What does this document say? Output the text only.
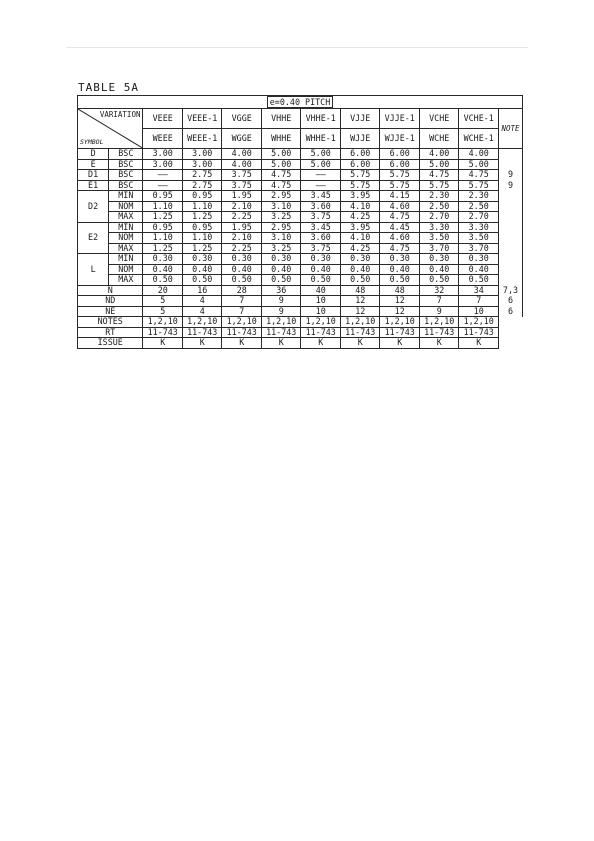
TABLE 5A
e=0.40 PITCH											

VARIATION
SYMBOL		VEEE	VEEE-1	VGGE	VHHE	VHHE-1	VJJE	VJJE-1	VCHE	VCHE-1	NOTE
		WEEE	WEEE-1	WGGE	WHHE	WHHE-1	WJJE	WJJE-1	WCHE	WCHE-1	
D	BSC	3.00	3.00	4.00	5.00	5.00	6.00	6.00	4.00	4.00	
E	BSC	3.00	3.00	4.00	5.00	5.00	6.00	6.00	5.00	5.00	
D1	BSC	——	2.75	3.75	4.75	——	5.75	5.75	4.75	4.75	9
E1	BSC	——	2.75	3.75	4.75	——	5.75	5.75	5.75	5.75	9
D2	MIN	0.95	0.95	1.95	2.95	3.45	3.95	4.15	2.30	2.30	
	NOM	1.10	1.10	2.10	3.10	3.60	4.10	4.60	2.50	2.50	
	MAX	1.25	1.25	2.25	3.25	3.75	4.25	4.75	2.70	2.70	
E2	MIN	0.95	0.95	1.95	2.95	3.45	3.95	4.45	3.30	3.30	
	NOM	1.10	1.10	2.10	3.10	3.60	4.10	4.60	3.50	3.50	
	MAX	1.25	1.25	2.25	3.25	3.75	4.25	4.75	3.70	3.70	
L	MIN	0.30	0.30	0.30	0.30	0.30	0.30	0.30	0.30	0.30	
	NOM	0.40	0.40	0.40	0.40	0.40	0.40	0.40	0.40	0.40	
	MAX	0.50	0.50	0.50	0.50	0.50	0.50	0.50	0.50	0.50	
N		20	16	28	36	40	48	48	32	34	7,3
ND		5	4	7	9	10	12	12	7	7	6
NE		5	4	7	9	10	12	12	9	10	6
NOTES		1,2,10	1,2,10	1,2,10	1,2,10	1,2,10	1,2,10	1,2,10	1,2,10	1,2,10	
RT		11-743	11-743	11-743	11-743	11-743	11-743	11-743	11-743	11-743	
ISSUE		K	K	K	K	K	K	K	K	K	
